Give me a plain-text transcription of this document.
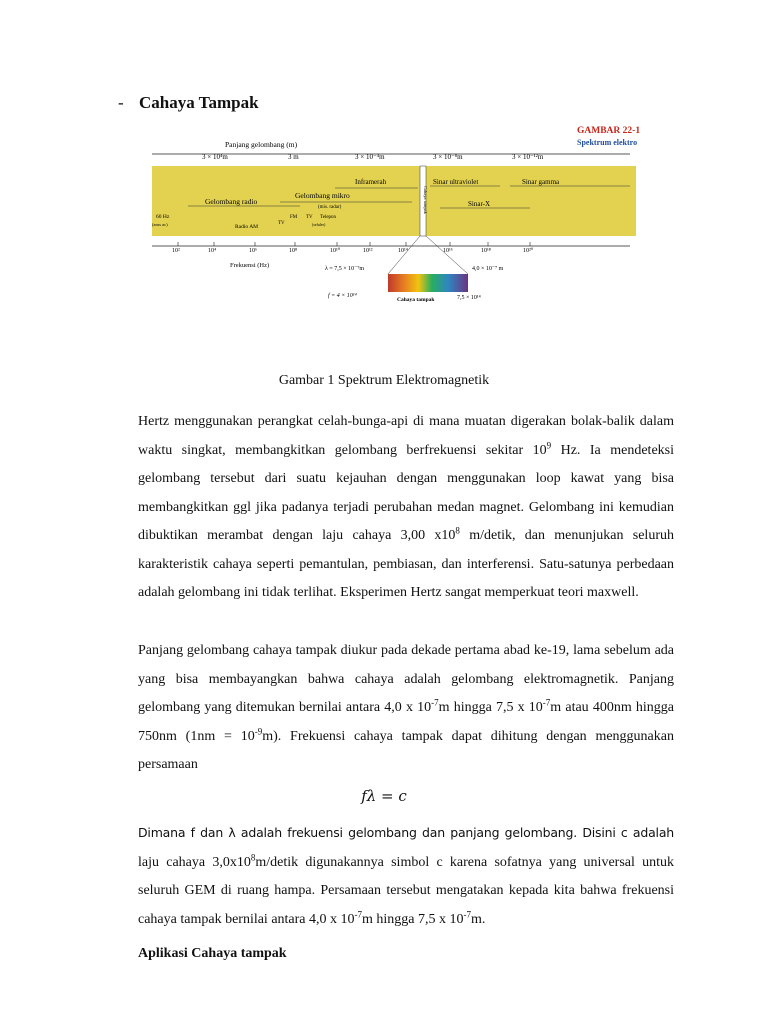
- Cahaya Tampak
GAMBAR 22-1
Spektrum elektro
Panjang gelombang (m)
3 × 10⁴m	3 m	3 × 10⁻⁴m	3 × 10⁻⁸m	3 × 10⁻¹²m
Cahaya tampak
Inframerah	Sinar ultraviolet	Sinar gamma
Gelombang mikro
(mis. radar)
Gelombang radio	Sinar-X
60 Hz
(arus ac)	Radio AM
TV
FM TV Telepon
(seluler)
10²	10⁴	10⁶	10⁸	10¹⁰	10¹²	10¹⁴	10¹⁶	10¹⁸	10²⁰
Frekuensi (Hz)	λ = 7,5 × 10⁻⁷m	4,0 × 10⁻⁷ m
f = 4 × 10¹⁴
Cahaya tampak	7,5 × 10¹⁴
Gambar 1 Spektrum Elektromagnetik

Hertz menggunakan perangkat celah-bunga-api di mana muatan digerakan bolak-balik dalam waktu singkat, membangkitkan gelombang berfrekuensi sekitar $10^9$ Hz. Ia mendeteksi gelombang tersebut dari suatu kejauhan dengan menggunakan loop kawat yang bisa membangkitkan ggl jika padanya terjadi perubahan medan magnet. Gelombang ini kemudian dibuktikan merambat dengan laju cahaya 3,00 $x10^8$ m/detik, dan menunjukan seluruh karakteristik cahaya seperti pemantulan, pembiasan, dan interferensi. Satu-satunya perbedaan adalah gelombang ini tidak terlihat. Eksperimen Hertz sangat memperkuat teori maxwell.

Panjang gelombang cahaya tampak diukur pada dekade pertama abad ke-19, lama sebelum ada yang bisa membayangkan bahwa cahaya adalah gelombang elektromagnetik. Panjang gelombang yang ditemukan bernilai antara 4,0 x $10^{-7}m$ hingga 7,5 x $10^{-7}m$ atau 400nm hingga 750nm $(1nm = 10^{-9}m)$. Frekuensi cahaya tampak dapat dihitung dengan menggunakan persamaan

fλ = c

Dimana f dan λ adalah frekuensi gelombang dan panjang gelombang. Disini c adalah laju cahaya $3,0x10^8m$/detik digunakannya simbol c karena sofatnya yang universal untuk seluruh GEM di ruang hampa. Persamaan tersebut mengatakan kepada kita bahwa frekuensi cahaya tampak bernilai antara 4,0 x $10^{-7}m$ hingga 7,5 x $10^{-7}m$.

Aplikasi Cahaya tampak
